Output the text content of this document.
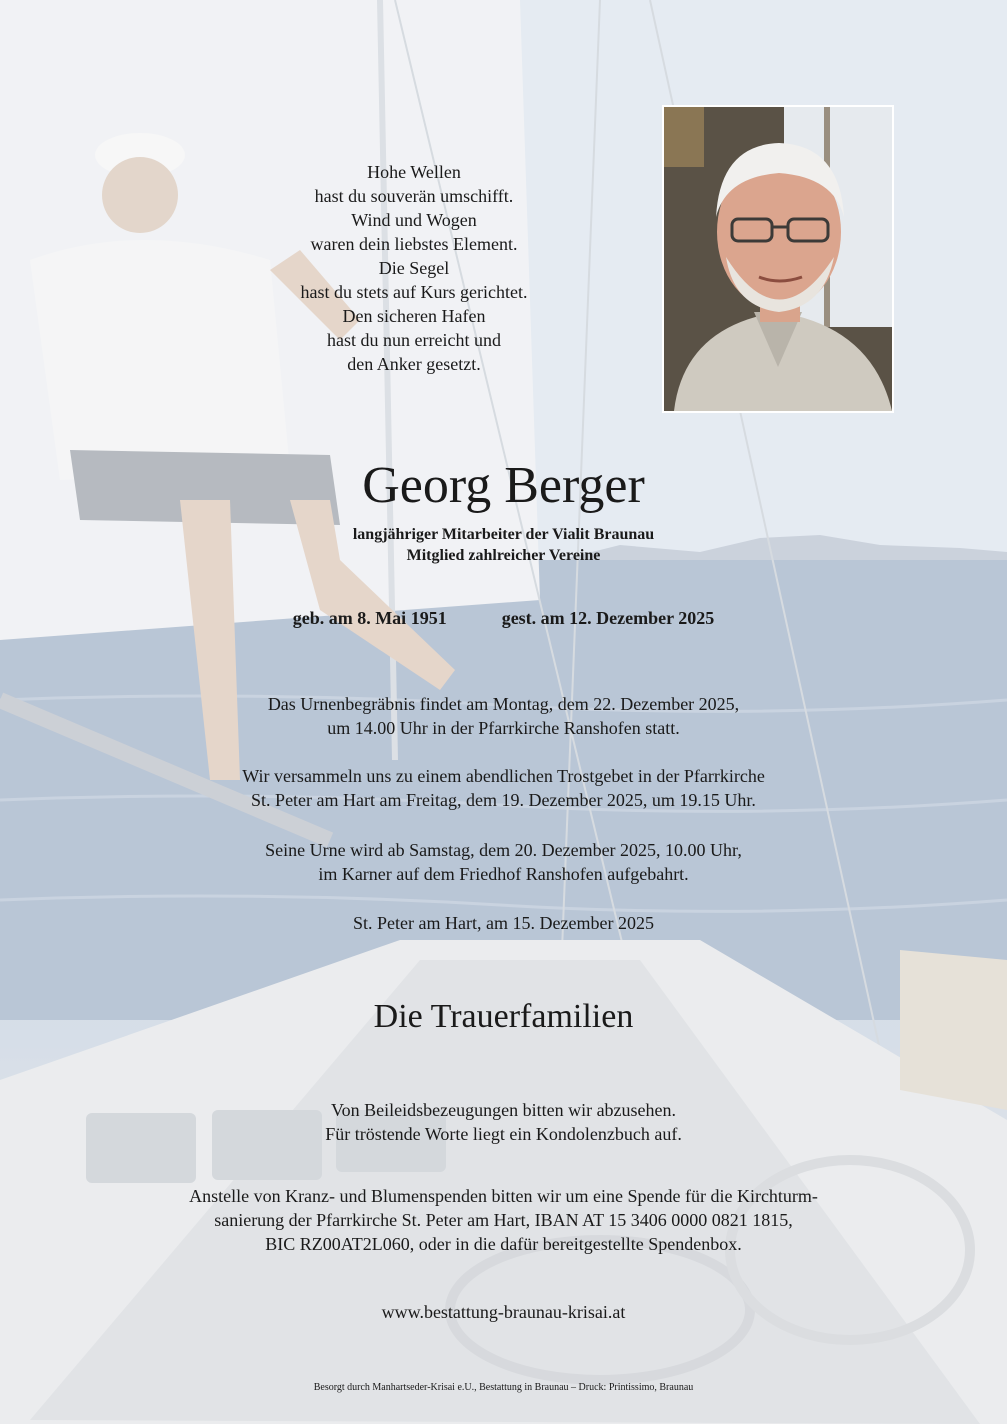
Hohe Wellen
hast du souverän umschifft.
Wind und Wogen
waren dein liebstes Element.
Die Segel
hast du stets auf Kurs gerichtet.
Den sicheren Hafen
hast du nun erreicht und
den Anker gesetzt.
Georg Berger
langjähriger Mitarbeiter der Vialit Braunau
Mitglied zahlreicher Vereine
geb. am 8. Mai 1951	gest. am 12. Dezember 2025
Das Urnenbegräbnis findet am Montag, dem 22. Dezember 2025,
um 14.00 Uhr in der Pfarrkirche Ranshofen statt.
Wir versammeln uns zu einem abendlichen Trostgebet in der Pfarrkirche
St. Peter am Hart am Freitag, dem 19. Dezember 2025, um 19.15 Uhr.
Seine Urne wird ab Samstag, dem 20. Dezember 2025, 10.00 Uhr,
im Karner auf dem Friedhof Ranshofen aufgebahrt.
St. Peter am Hart, am 15. Dezember 2025
Die Trauerfamilien
Von Beileidsbezeugungen bitten wir abzusehen.
Für tröstende Worte liegt ein Kondolenzbuch auf.
Anstelle von Kranz- und Blumenspenden bitten wir um eine Spende für die Kirchturm-
sanierung der Pfarrkirche St. Peter am Hart, IBAN AT 15 3406 0000 0821 1815,
BIC RZ00AT2L060, oder in die dafür bereitgestellte Spendenbox.
www.bestattung-braunau-krisai.at
Besorgt durch Manhartseder-Krisai e.U., Bestattung in Braunau – Druck: Printissimo, Braunau
